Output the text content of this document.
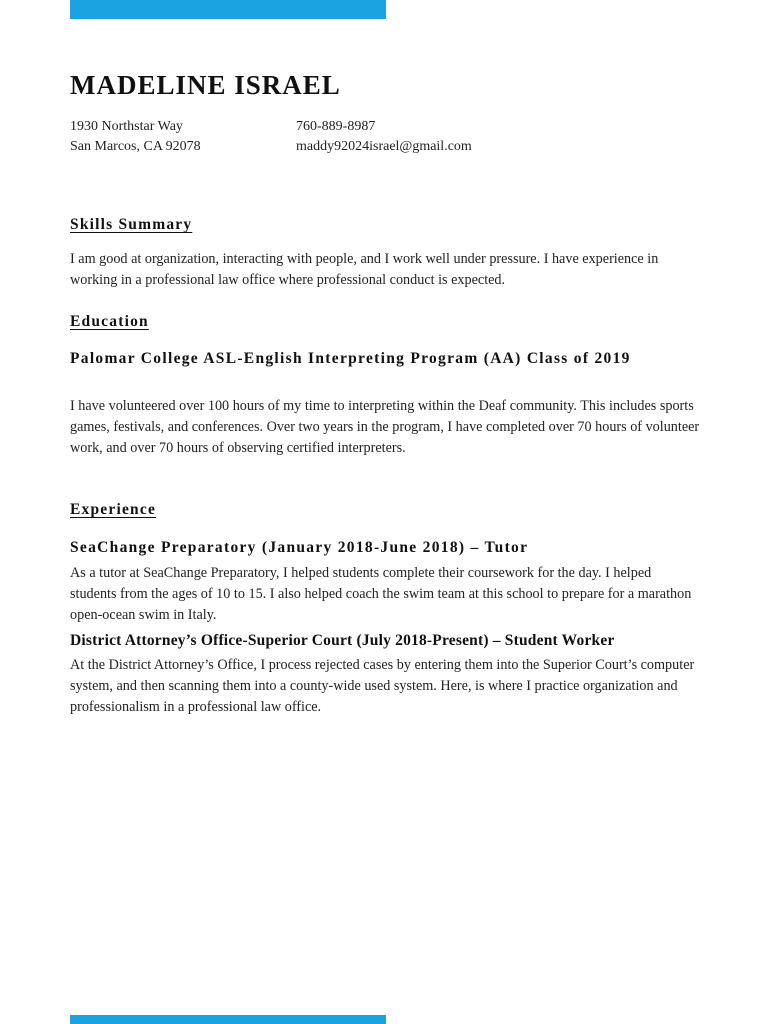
MADELINE ISRAEL
1930 Northstar Way
San Marcos, CA 92078
760-889-8987
maddy92024israel@gmail.com
Skills Summary

I am good at organization, interacting with people, and I work well under pressure. I have experience in working in a professional law office where professional conduct is expected.

Education
Palomar College ASL-English Interpreting Program (AA) Class of 2019

I have volunteered over 100 hours of my time to interpreting within the Deaf community. This includes sports games, festivals, and conferences. Over two years in the program, I have completed over 70 hours of volunteer work, and over 70 hours of observing certified interpreters.

Experience
SeaChange Preparatory (January 2018-June 2018) – Tutor

As a tutor at SeaChange Preparatory, I helped students complete their coursework for the day. I helped students from the ages of 10 to 15. I also helped coach the swim team at this school to prepare for a marathon open-ocean swim in Italy.

District Attorney’s Office-Superior Court (July 2018-Present) – Student Worker

At the District Attorney’s Office, I process rejected cases by entering them into the Superior Court’s computer system, and then scanning them into a county-wide used system. Here, is where I practice organization and professionalism in a professional law office.
